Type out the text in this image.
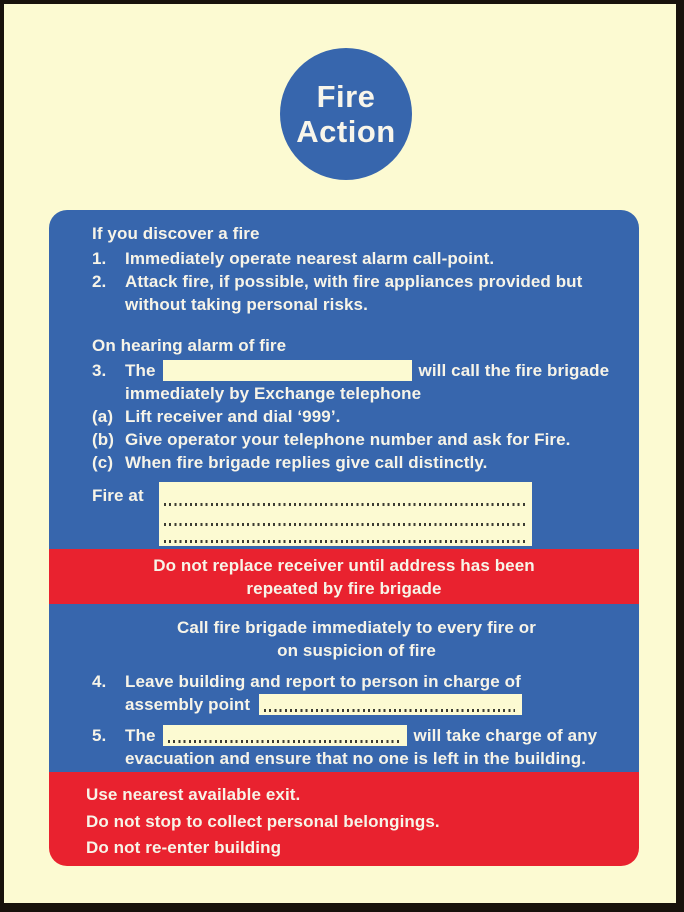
Fire
Action

If you discover a fire

1.	Immediately operate nearest alarm call-point.
2.	Attack fire, if possible, with fire appliances provided but without taking personal risks.

On hearing alarm of fire

3.	The	will call the fire brigade
immediately by Exchange telephone
(a) Lift receiver and dial ‘999’.
(b) Give operator your telephone number and ask for Fire.
(c) When fire brigade replies give call distinctly.
Fire at
Do not replace receiver until address has been
repeated by fire brigade
Call fire brigade immediately to every fire or
on suspicion of fire
4.	Leave building and report to person in charge of
assembly point
5.	The	will take charge of any
evacuation and ensure that no one is left in the building.
Use nearest available exit.
Do not stop to collect personal belongings.
Do not re-enter building
